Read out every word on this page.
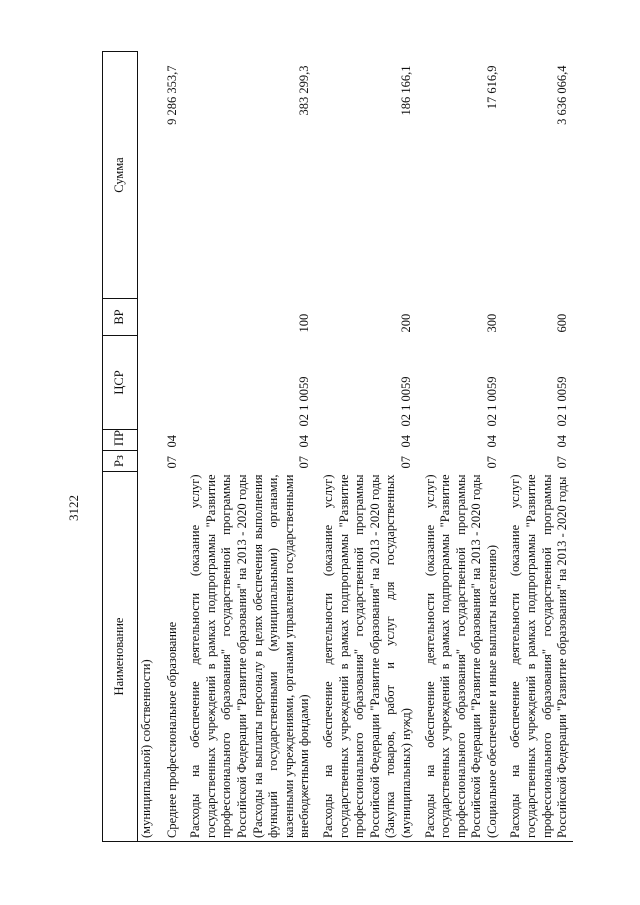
3122
Наименование	Рз	ПР	ЦСР	ВР	Сумма
(муниципальной) собственности)					
Среднее профессиональное образование	07	04			9 286 353,7
Расходы на обеспечение деятельности (оказание услуг) государственных учреждений в рамках подпрограммы "Развитие профессионального образования" государственной программы Российской Федерации "Развитие образования" на 2013 - 2020 годы (Расходы на выплаты персоналу в целях обеспечения выполнения функций государственными (муниципальными) органами, казенными учреждениями, органами управления государственными внебюджетными фондами)	07	04	02 1 0059	100	383 299,3
Расходы на обеспечение деятельности (оказание услуг) государственных учреждений в рамках подпрограммы "Развитие профессионального образования" государственной программы Российской Федерации "Развитие образования" на 2013 - 2020 годы (Закупка товаров, работ и услуг для государственных (муниципальных) нужд)	07	04	02 1 0059	200	186 166,1
Расходы на обеспечение деятельности (оказание услуг) государственных учреждений в рамках подпрограммы "Развитие профессионального образования" государственной программы Российской Федерации "Развитие образования" на 2013 - 2020 годы (Социальное обеспечение и иные выплаты населению)	07	04	02 1 0059	300	17 616,9
Расходы на обеспечение деятельности (оказание услуг) государственных учреждений в рамках подпрограммы "Развитие профессионального образования" государственной программы Российской Федерации "Развитие образования" на 2013 - 2020 годы	07	04	02 1 0059	600	3 636 066,4
